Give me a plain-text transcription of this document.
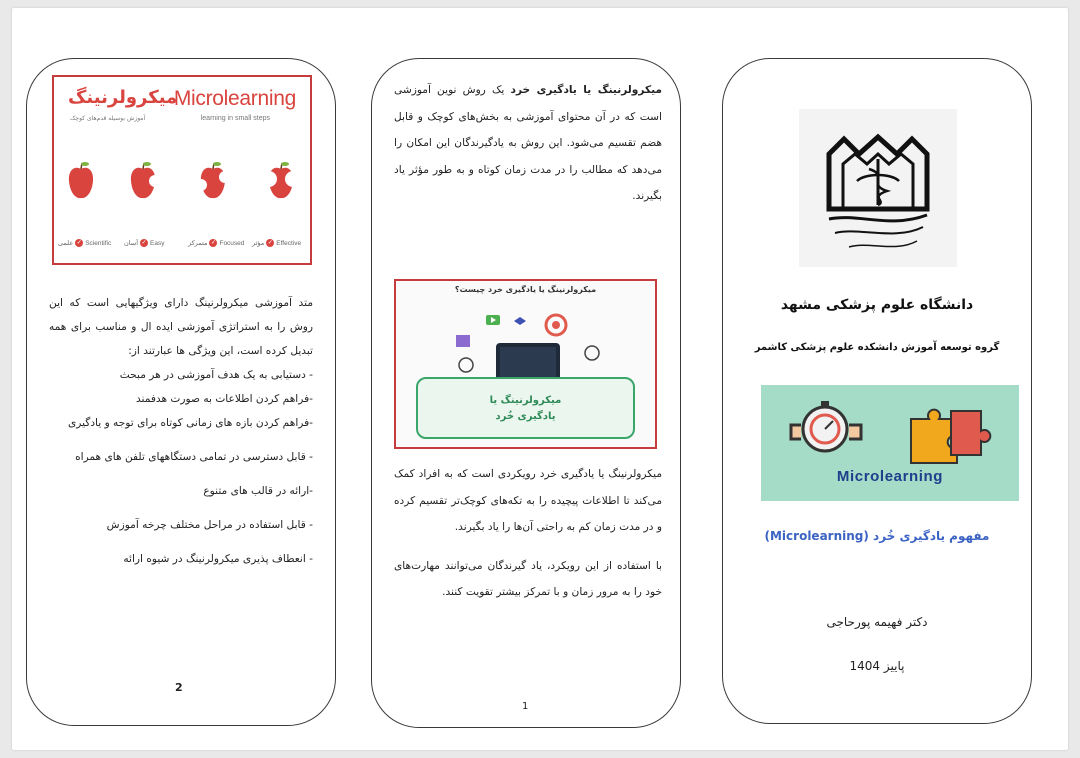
میکرولرنینگ
آموزش بوسیله قدم‌های کوچک
Microlearning
learning in small steps
علمی ✓ Scientific آسان ✓ Easy	متمرکز ✓ Focused مؤثر ✓ Effective

متد آموزشی میکرولرنینگ دارای ویژگیهایی است که این روش را به استراتژی آموزشی ایده ال و مناسب برای همه تبدیل کرده است، این ویژگی ها عبارتند از:

- دستیابی به یک هدف آموزشی در هر مبحث

-فراهم کردن اطلاعات به صورت هدفمند

-فراهم کردن بازه های زمانی کوتاه برای توجه و یادگیری

- قابل دسترسی در تمامی دستگاههای تلفن های همراه

-ارائه در قالب های متنوع

- قابل استفاده در مراحل مختلف چرخه آموزش

- انعطاف پذیری میکرولرنینگ در شیوه ارائه

2
میکرولرنینگ یا یادگیری خرد یک روش نوین آموزشی است که در آن محتوای آموزشی به بخش‌های کوچک و قابل هضم تقسیم می‌شود. این روش به یادگیرندگان این امکان را می‌دهد که مطالب را در مدت زمان کوتاه و به طور مؤثر یاد بگیرند.
میکرولرنینگ یا یادگیری خرد چیست؟
میکرولرنینگ یا
یادگیری خُرد

میکرولرنینگ یا یادگیری خرد رویکردی است که به افراد کمک می‌کند تا اطلاعات پیچیده را به تکه‌های کوچک‌تر تقسیم کرده و در مدت زمان کم به راحتی آن‌ها را یاد بگیرند.

با استفاده از این رویکرد، یاد گیرندگان می‌توانند مهارت‌های خود را به مرور زمان و با تمرکز بیشتر تقویت کنند.

1
دانشگاه علوم پزشکی مشهد
گروه توسعه آموزش دانشکده علوم پزشکی کاشمر
Microlearning
مفهوم یادگیری خُرد (Microlearning)
دکتر فهیمه پورحاجی
پاییز 1404
